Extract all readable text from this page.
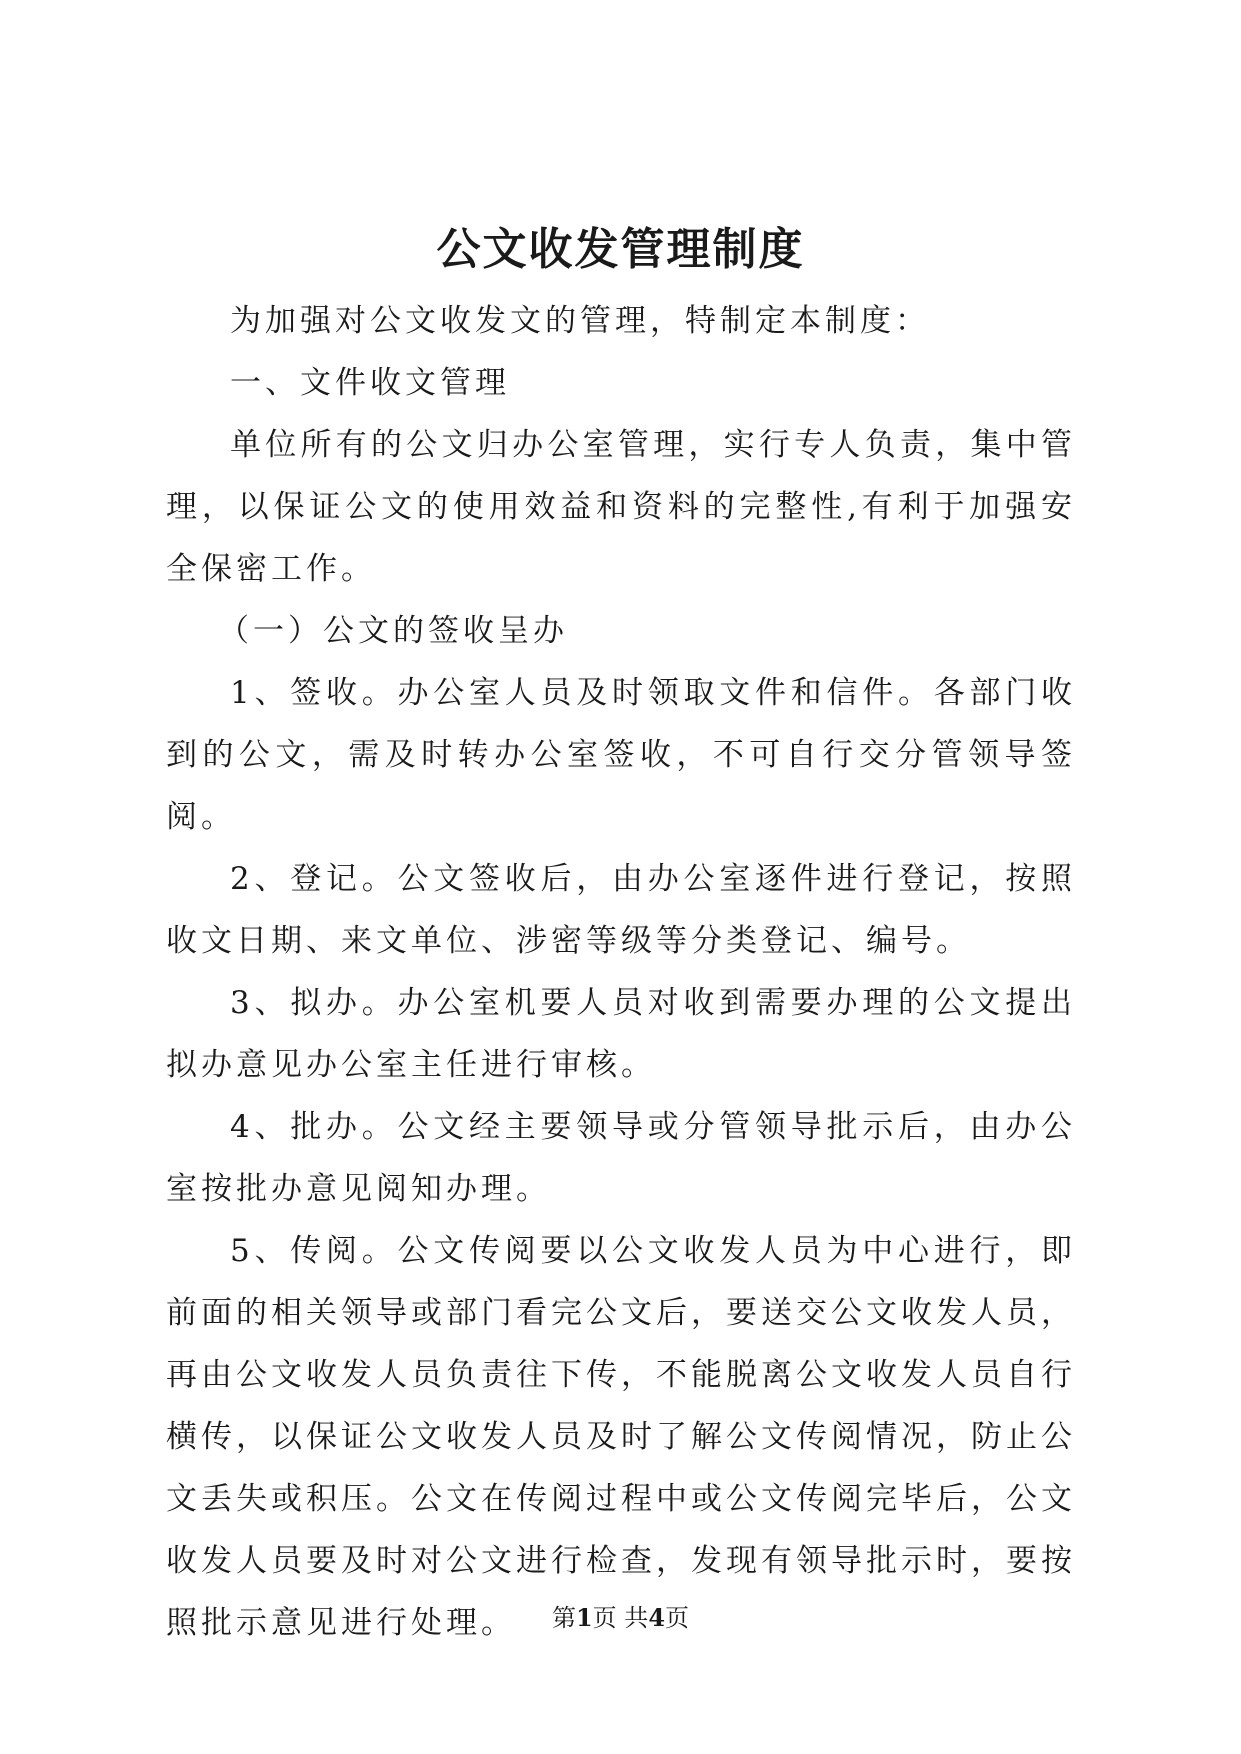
公文收发管理制度

为加强对公文收发文的管理，特制定本制度：

一、文件收文管理

单位所有的公文归办公室管理，实行专人负责，集中管理，以保证公文的使用效益和资料的完整性,有利于加强安全保密工作。

（一）公文的签收呈办

1、签收。办公室人员及时领取文件和信件。各部门收到的公文，需及时转办公室签收，不可自行交分管领导签阅。

2、登记。公文签收后，由办公室逐件进行登记，按照收文日期、来文单位、涉密等级等分类登记、编号。

3、拟办。办公室机要人员对收到需要办理的公文提出拟办意见办公室主任进行审核。

4、批办。公文经主要领导或分管领导批示后，由办公室按批办意见阅知办理。

5、传阅。公文传阅要以公文收发人员为中心进行，即前面的相关领导或部门看完公文后，要送交公文收发人员，再由公文收发人员负责往下传，不能脱离公文收发人员自行横传，以保证公文收发人员及时了解公文传阅情况，防止公文丢失或积压。公文在传阅过程中或公文传阅完毕后，公文收发人员要及时对公文进行检查，发现有领导批示时，要按照批示意见进行处理。	第1页 共4页
